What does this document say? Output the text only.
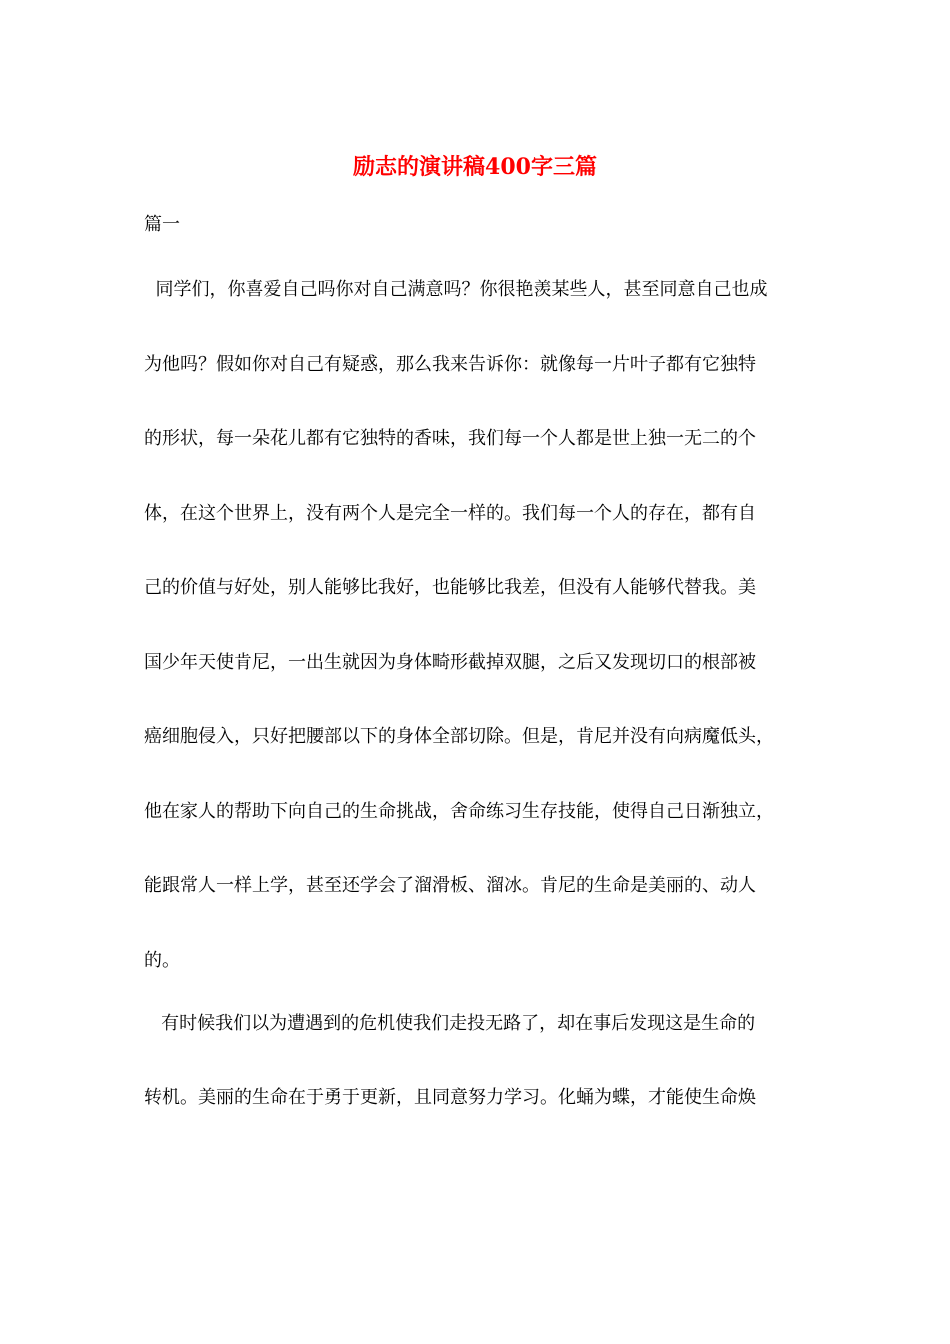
励志的演讲稿400字三篇

篇一

同学们，你喜爱自己吗你对自己满意吗？你很艳羡某些人，甚至同意自己也成

为他吗？假如你对自己有疑惑，那么我来告诉你：就像每一片叶子都有它独特

的形状，每一朵花儿都有它独特的香味，我们每一个人都是世上独一无二的个

体，在这个世界上，没有两个人是完全一样的。我们每一个人的存在，都有自

己的价值与好处，别人能够比我好，也能够比我差，但没有人能够代替我。美

国少年天使肯尼，一出生就因为身体畸形截掉双腿，之后又发现切口的根部被

癌细胞侵入，只好把腰部以下的身体全部切除。但是，肯尼并没有向病魔低头，

他在家人的帮助下向自己的生命挑战，舍命练习生存技能，使得自己日渐独立，

能跟常人一样上学，甚至还学会了溜滑板、溜冰。肯尼的生命是美丽的、动人

的。

有时候我们以为遭遇到的危机使我们走投无路了，却在事后发现这是生命的

转机。美丽的生命在于勇于更新，且同意努力学习。化蛹为蝶，才能使生命焕
